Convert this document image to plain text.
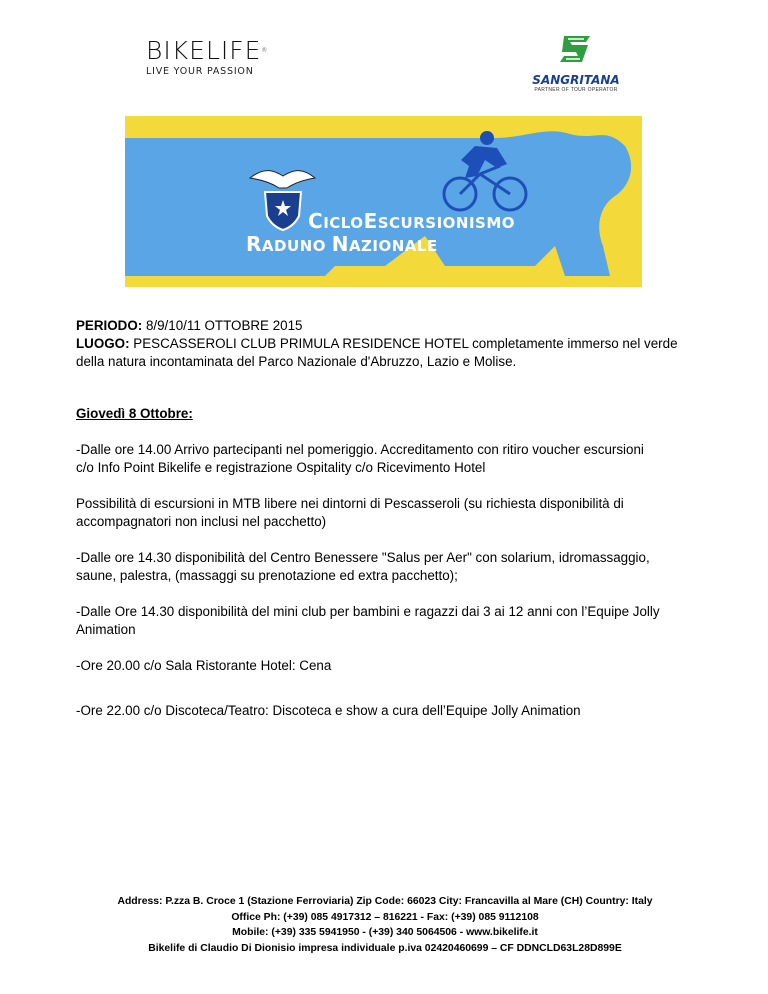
BIKELIFE®
LIVE YOUR PASSION
SANGRITANA
PARTNER OF TOUR OPERATOR
CICLOESCURSIONISMO
RADUNO NAZIONALE
PERIODO: 8/9/10/11 OTTOBRE 2015
LUOGO: PESCASSEROLI CLUB PRIMULA RESIDENCE HOTEL completamente immerso nel verde
della natura incontaminata del Parco Nazionale d'Abruzzo, Lazio e Molise.
Giovedì 8 Ottobre:
-Dalle ore 14.00 Arrivo partecipanti nel pomeriggio. Accreditamento con ritiro voucher escursioni
c/o Info Point Bikelife e registrazione Ospitality c/o Ricevimento Hotel
Possibilità di escursioni in MTB libere nei dintorni di Pescasseroli (su richiesta disponibilità di
accompagnatori non inclusi nel pacchetto)
-Dalle ore 14.30 disponibilità del Centro Benessere "Salus per Aer" con solarium, idromassaggio,
saune, palestra, (massaggi su prenotazione ed extra pacchetto);
-Dalle Ore 14.30 disponibilità del mini club per bambini e ragazzi dai 3 ai 12 anni con l’Equipe Jolly
Animation
-Ore 20.00 c/o Sala Ristorante Hotel: Cena
-Ore 22.00 c/o Discoteca/Teatro: Discoteca e show a cura dell’Equipe Jolly Animation
Address: P.zza B. Croce 1 (Stazione Ferroviaria) Zip Code: 66023 City: Francavilla al Mare (CH) Country: Italy
Office Ph: (+39) 085 4917312 – 816221 - Fax: (+39) 085 9112108
Mobile: (+39) 335 5941950 - (+39) 340 5064506 - www.bikelife.it
Bikelife di Claudio Di Dionisio impresa individuale p.iva 02420460699 – CF DDNCLD63L28D899E
